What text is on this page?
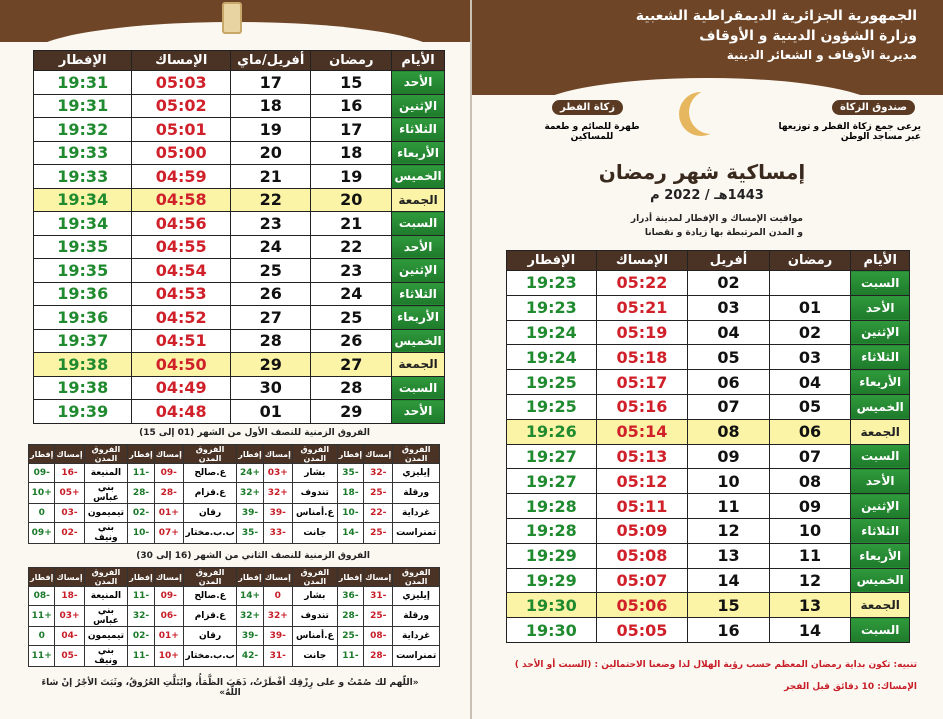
الأيام	رمضان	أفريل/ماي	الإمساك	الإفطار
الأحد	15	17	05:03	19:31
الإثنين	16	18	05:02	19:31
الثلاثاء	17	19	05:01	19:32
الأربعاء	18	20	05:00	19:33
الخميس	19	21	04:59	19:33
الجمعة	20	22	04:58	19:34
السبت	21	23	04:56	19:34
الأحد	22	24	04:55	19:35
الإثنين	23	25	04:54	19:35
الثلاثاء	24	26	04:53	19:36
الأربعاء	25	27	04:52	19:36
الخميس	26	28	04:51	19:37
الجمعة	27	29	04:50	19:38
السبت	28	30	04:49	19:38
الأحد	29	01	04:48	19:39
الفروق الزمنية للنصف الأول من الشهر (01 إلى 15)
الفروق المدن	إمساك	إفطار	الفروق المدن	إمساك	إفطار	الفروق المدن	إمساك	إفطار	الفروق المدن	إمساك	إفطار
إيليزي	-32	-35	بشار	+03	+24	ع.صالح	-09	-11	المنيعة	-16	-09
ورقلة	-25	-18	تندوف	+32	+32	ع.قزام	-28	-28	بني عباس	+05	+10
غرداية	-22	-10	ع.أمناس	-39	-39	رقان	+01	-02	تيميمون	-03	0
تمنراست	-25	-14	جانت	-33	-35	ب.ب.مختار	+07	-10	بني ونيف	-02	+09
الفروق الزمنية للنصف الثاني من الشهر (16 إلى 30)
الفروق المدن	إمساك	إفطار	الفروق المدن	إمساك	إفطار	الفروق المدن	إمساك	إفطار	الفروق المدن	إمساك	إفطار
إيليزي	-31	-36	بشار	0	+14	ع.صالح	-09	-11	المنيعة	-18	-08
ورقلة	-25	-28	تندوف	+32	+32	ع.قزام	-06	-32	بني عباس	+03	+11
غرداية	-08	-25	ع.أمناس	-39	-39	رقان	+01	-02	تيميمون	-04	0
تمنراست	-28	-11	جانت	-31	-42	ب.ب.مختار	+10	-11	بني ونيف	-05	+11
«اللّهم لك صُمْتُ و على رِزْقِك أفْطَرْتُ، ذَهَبَ الظَّمَأُ، وابْتَلَّتِ العُرُوقُ، وثَبَتَ الأجْرُ إنْ شاءَ اللّهُ»
الجمهورية الجزائرية الديمقراطية الشعبية
وزارة الشؤون الدينية و الأوقاف
مديرية الأوقاف و الشعائر الدينية
صندوق الزكاة
زكاة الفطر
يرعى جمع زكاة الفطر و توزيعها عبر مساجد الوطن
طهرة للصائم و طعمة للمساكين
إمساكية شهر رمضان
1443هـ / 2022 م
مواقيت الإمساك و الإفطار لمدينة أدرار
و المدن المرتبطة بها زيادة و نقصانا
الأيام	رمضان	أفريل	الإمساك	الإفطار
السبت		02	05:22	19:23
الأحد	01	03	05:21	19:23
الإثنين	02	04	05:19	19:24
الثلاثاء	03	05	05:18	19:24
الأربعاء	04	06	05:17	19:25
الخميس	05	07	05:16	19:25
الجمعة	06	08	05:14	19:26
السبت	07	09	05:13	19:27
الأحد	08	10	05:12	19:27
الإثنين	09	11	05:11	19:28
الثلاثاء	10	12	05:09	19:28
الأربعاء	11	13	05:08	19:29
الخميس	12	14	05:07	19:29
الجمعة	13	15	05:06	19:30
السبت	14	16	05:05	19:30
تنبيه: تكون بداية رمضان المعظم حسب رؤية الهلال لذا وضعنا الاحتمالين : (السبت أو الأحد )
الإمساك: 10 دقائق قبل الفجر
